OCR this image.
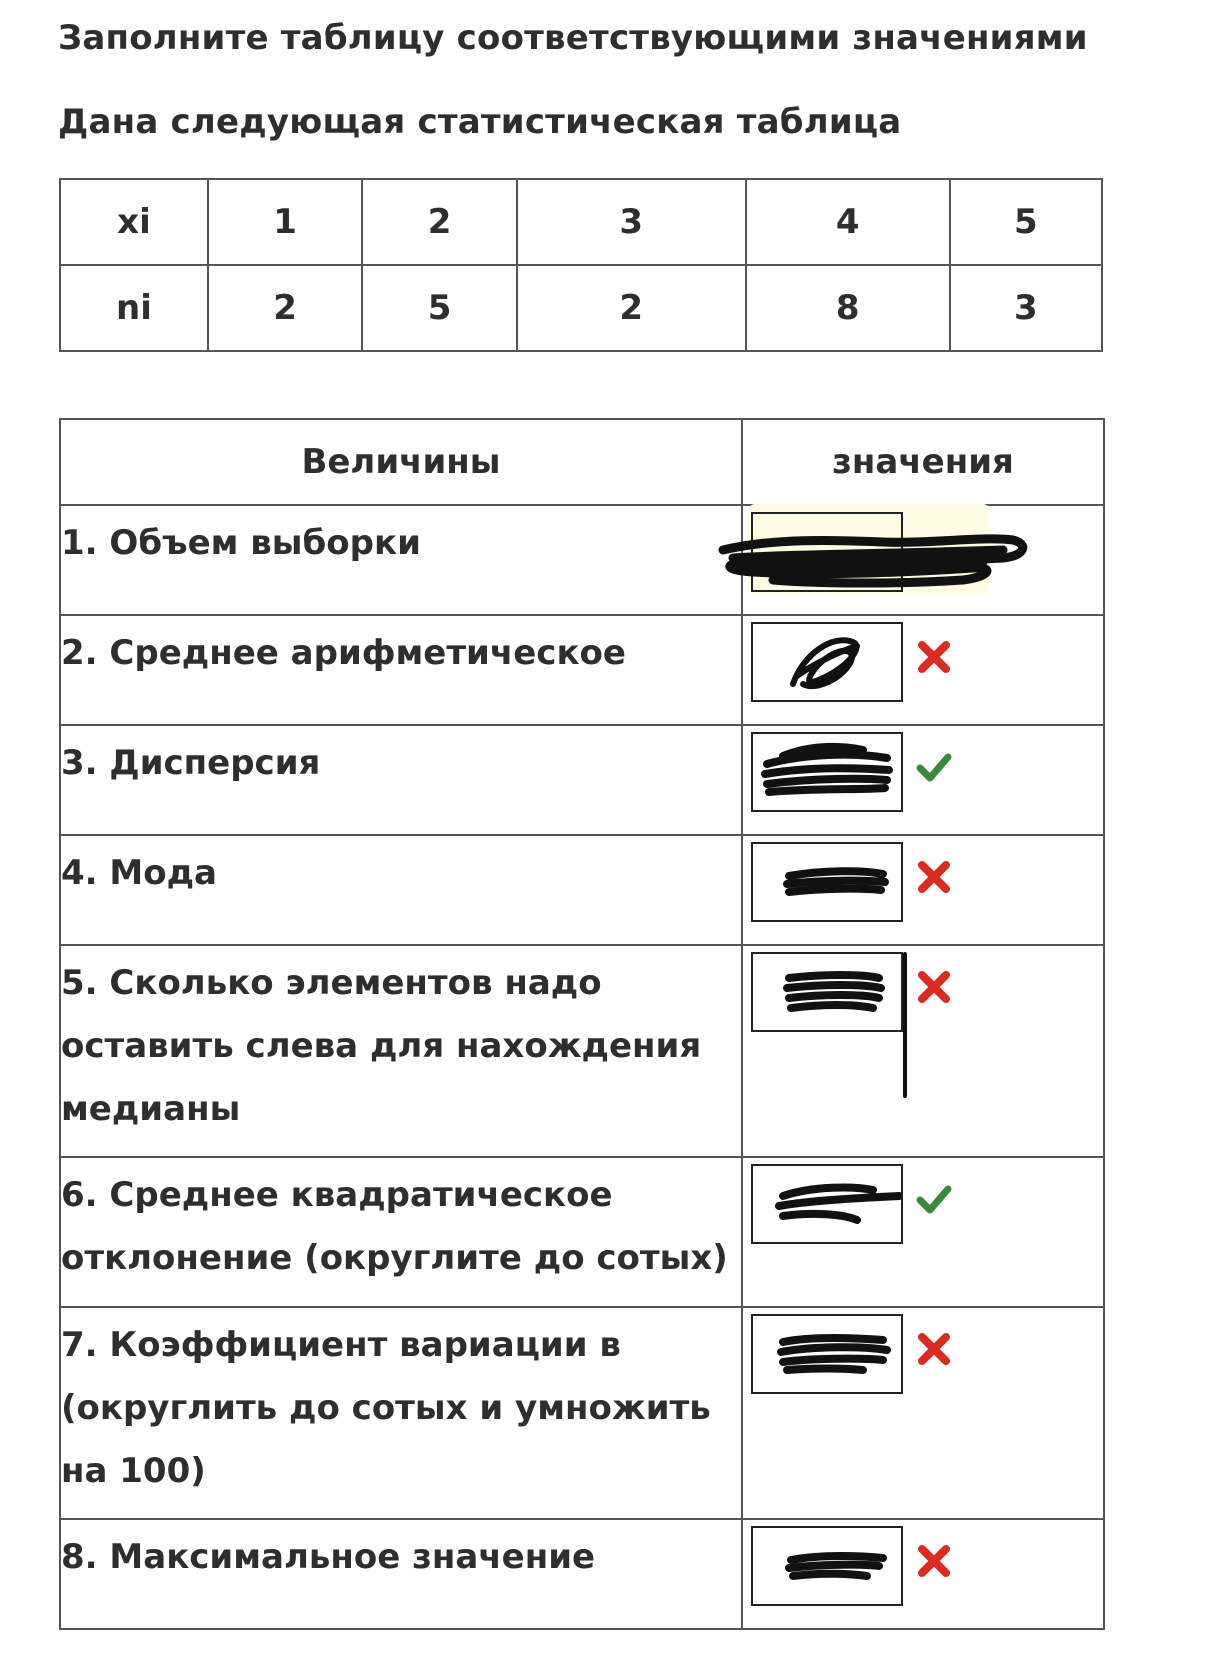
Заполните таблицу соответствующими значениями
Дана следующая статистическая таблица
xi	1	2	3	4	5
ni	2	5	2	8	3
Величины	значения
1. Объем выборки	

2. Среднее арифметическое	

3. Дисперсия	

4. Мода	

5. Сколько элементов надо оставить слева для нахождения медианы	

6. Среднее квадратическое отклонение (округлите до сотых)	

7. Коэффициент вариации в (округлить до сотых и умножить на 100)	

8. Максимальное значение	
